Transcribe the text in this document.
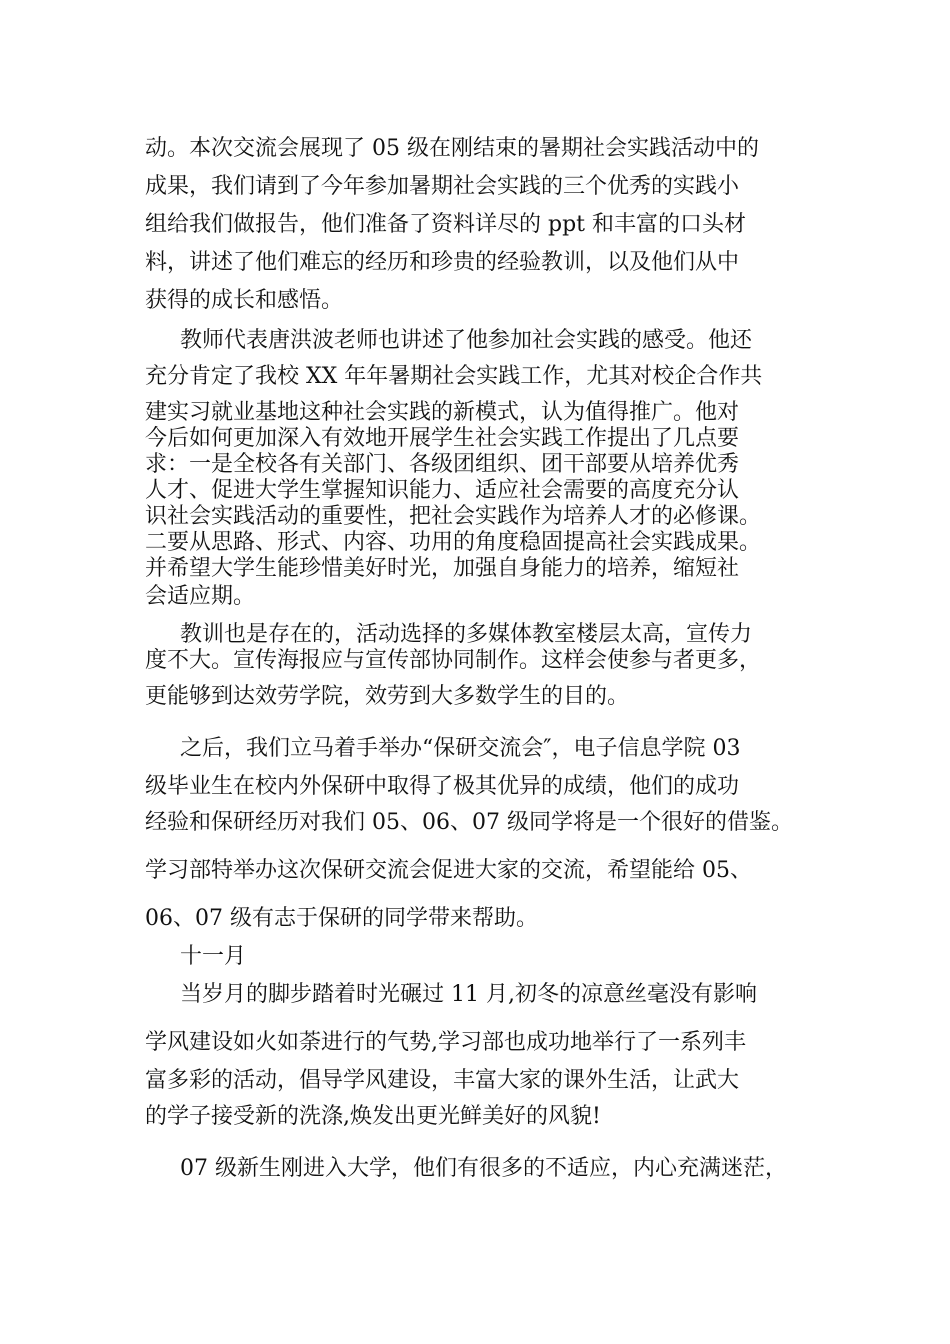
动。本次交流会展现了 05 级在刚结束的暑期社会实践活动中的
成果，我们请到了今年参加暑期社会实践的三个优秀的实践小
组给我们做报告，他们准备了资料详尽的 ppt 和丰富的口头材
料，讲述了他们难忘的经历和珍贵的经验教训，以及他们从中
获得的成长和感悟。
教师代表唐洪波老师也讲述了他参加社会实践的感受。他还
充分肯定了我校 XX 年年暑期社会实践工作，尤其对校企合作共
建实习就业基地这种社会实践的新模式，认为值得推广。他对
今后如何更加深入有效地开展学生社会实践工作提出了几点要
求：一是全校各有关部门、各级团组织、团干部要从培养优秀
人才、促进大学生掌握知识能力、适应社会需要的高度充分认
识社会实践活动的重要性，把社会实践作为培养人才的必修课。
二要从思路、形式、内容、功用的角度稳固提高社会实践成果。
并希望大学生能珍惜美好时光，加强自身能力的培养，缩短社
会适应期。
教训也是存在的，活动选择的多媒体教室楼层太高，宣传力
度不大。宣传海报应与宣传部协同制作。这样会使参与者更多，
更能够到达效劳学院，效劳到大多数学生的目的。
之后，我们立马着手举办“保研交流会″，电子信息学院 03
级毕业生在校内外保研中取得了极其优异的成绩，他们的成功
经验和保研经历对我们 05、06、07 级同学将是一个很好的借鉴。
学习部特举办这次保研交流会促进大家的交流，希望能给 05、
06、07 级有志于保研的同学带来帮助。
十一月
当岁月的脚步踏着时光碾过 11 月,初冬的凉意丝毫没有影响
学风建设如火如荼进行的气势,学习部也成功地举行了一系列丰
富多彩的活动，倡导学风建设，丰富大家的课外生活，让武大
的学子接受新的洗涤,焕发出更光鲜美好的风貌!
07 级新生刚进入大学，他们有很多的不适应，内心充满迷茫，
